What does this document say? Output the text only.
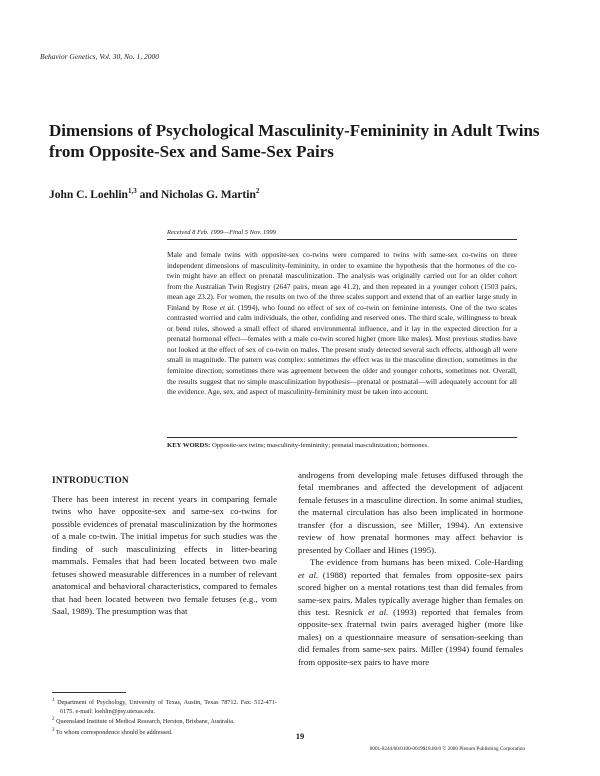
Behavior Genetics, Vol. 30, No. 1, 2000
Dimensions of Psychological Masculinity-Femininity in Adult Twins from Opposite-Sex and Same-Sex Pairs
John C. Loehlin$^{1,3}$ and Nicholas G. Martin$^2$
Received 8 Feb. 1999—Final 5 Nov. 1999

Male and female twins with opposite-sex co-twins were compared to twins with same-sex co-twins on three independent dimensions of masculinity-femininity, in order to examine the hypothesis that the hormones of the co-twin might have an effect on prenatal masculinization. The analysis was originally carried out for an older cohort from the Australian Twin Registry (2647 pairs, mean age 41.2), and then repeated in a younger cohort (1503 pairs, mean age 23.2). For women, the results on two of the three scales support and extend that of an earlier large study in Finland by Rose et al. (1994), who found no effect of sex of co-twin on feminine interests. One of the two scales contrasted worried and calm individuals, the other, confiding and reserved ones. The third scale, willingness to break or bend rules, showed a small effect of shared environmental influence, and it lay in the expected direction for a prenatal hormonal effect—females with a male co-twin scored higher (more like males). Most previous studies have not looked at the effect of sex of co-twin on males. The present study detected several such effects, although all were small in magnitude. The pattern was complex: sometimes the effect was in the masculine direction, sometimes in the feminine direction; sometimes there was agreement between the older and younger cohorts, sometimes not. Overall, the results suggest that no simple masculinization hypothesis—prenatal or postnatal—will adequately account for all the evidence. Age, sex, and aspect of masculinity-femininity must be taken into account.

KEY WORDS: Opposite-sex twins; masculinity-femininity; prenatal masculinization; hormones.
INTRODUCTION

There has been interest in recent years in comparing female twins who have opposite-sex and same-sex co-twins for possible evidences of prenatal masculinization by the hormones of a male co-twin. The initial impetus for such studies was the finding of such masculinizing effects in litter-bearing mammals. Females that had been located between two male fetuses showed measurable differences in a number of relevant anatomical and behavioral characteristics, compared to females that had been located between two female fetuses (e.g., vom Saal, 1989). The presumption was that

androgens from developing male fetuses diffused through the fetal membranes and affected the development of adjacent female fetuses in a masculine direction. In some animal studies, the maternal circulation has also been implicated in hormone transfer (for a discussion, see Miller, 1994). An extensive review of how prenatal hormones may affect behavior is presented by Collaer and Hines (1995).

The evidence from humans has been mixed. Cole-Harding et al. (1988) reported that females from opposite-sex pairs scored higher on a mental rotations test than did females from same-sex pairs. Males typically average higher than females on this test. Resnick et al. (1993) reported that females from opposite-sex fraternal twin pairs averaged higher (more like males) on a questionnaire measure of sensation-seeking than did females from same-sex pairs. Miller (1994) found females from opposite-sex pairs to have more

$^1$ Department of Psychology, University of Texas, Austin, Texas 78712. Fax: 512-471-6175. e-mail: loehlin@psy.utexas.edu.
$^2$ Queensland Institute of Medical Research, Herston, Brisbane, Australia.
$^3$ To whom correspondence should be addressed.	19
0001-8244/00/0100-0019$18.00/0 © 2000 Plenum Publishing Corporation
